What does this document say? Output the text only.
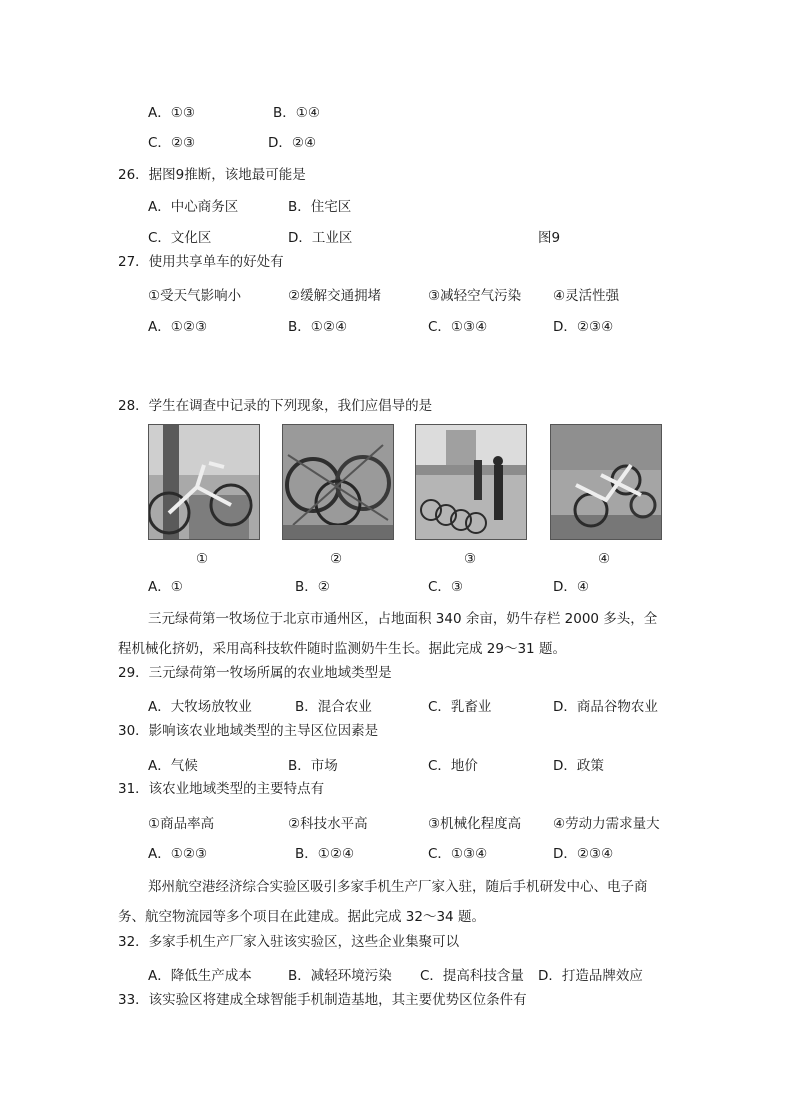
A．①③	B．①④
C．②③	D．②④
26．据图9推断，该地最可能是
A．中心商务区	B．住宅区
C．文化区	D．工业区	图9
27．使用共享单车的好处有
①受天气影响小	②缓解交通拥堵	③减轻空气污染 ④灵活性强
A．①②③	B．①②④	C．①③④	D．②③④
28．学生在调查中记录的下列现象，我们应倡导的是
①	②	③	④
A．①	B．②	C．③	D．④
三元绿荷第一牧场位于北京市通州区，占地面积 340 余亩，奶牛存栏 2000 多头，全
程机械化挤奶，采用高科技软件随时监测奶牛生长。据此完成 29～31 题。
29．三元绿荷第一牧场所属的农业地域类型是
A．大牧场放牧业	B．混合农业	C．乳畜业	D．商品谷物农业
30．影响该农业地域类型的主导区位因素是
A．气候	B．市场	C．地价	D．政策
31．该农业地域类型的主要特点有
①商品率高	②科技水平高	③机械化程度高 ④劳动力需求量大
A．①②③	B．①②④	C．①③④	D．②③④
郑州航空港经济综合实验区吸引多家手机生产厂家入驻，随后手机研发中心、电子商
务、航空物流园等多个项目在此建成。据此完成 32～34 题。
32．多家手机生产厂家入驻该实验区，这些企业集聚可以
A．降低生产成本	B．减轻环境污染 C．提高科技含量 D．打造品牌效应
33．该实验区将建成全球智能手机制造基地，其主要优势区位条件有
